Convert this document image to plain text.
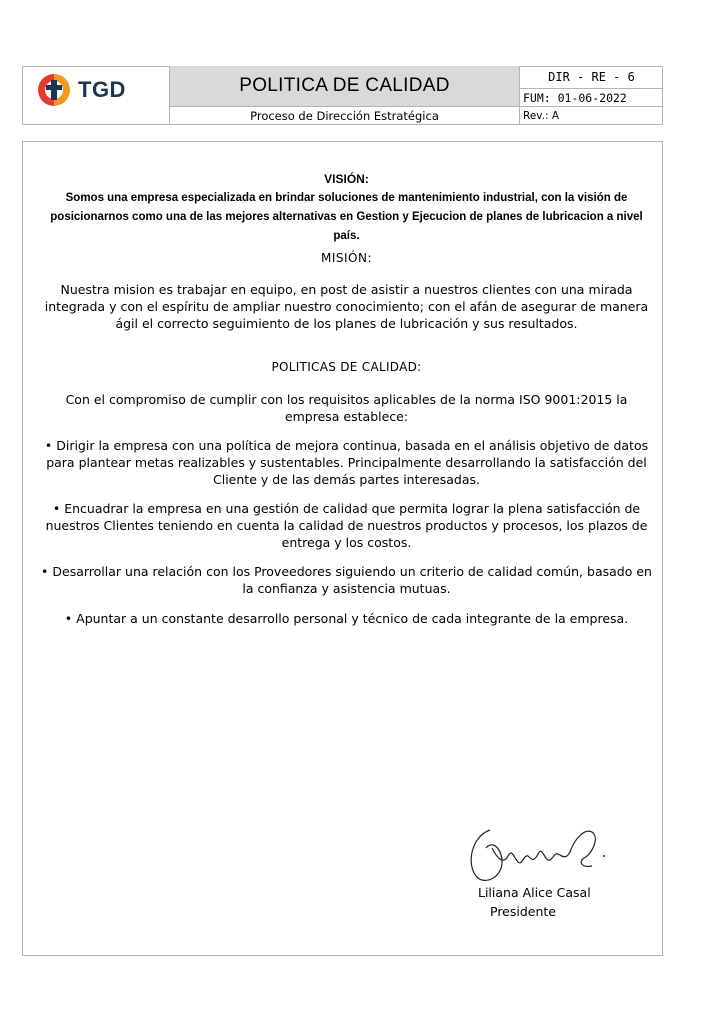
TGD	POLITICA DE CALIDAD
Proceso de Dirección Estratégica
DIR - RE - 6
FUM: 01-06-2022
Rev.: A
VISIÓN:
Somos una empresa especializada en brindar soluciones de mantenimiento industrial, con la visión de posicionarnos como una de las mejores alternativas en Gestion y Ejecucion de planes de lubricacion a nivel país.
MISIÓN:
Nuestra mision es trabajar en equipo, en post de asistir a nuestros clientes con una mirada integrada y con el espíritu de ampliar nuestro conocimiento; con el afán de asegurar de manera ágil el correcto seguimiento de los planes de lubricación y sus resultados.
POLITICAS DE CALIDAD:
Con el compromiso de cumplir con los requisitos aplicables de la norma ISO 9001:2015 la empresa establece:
• Dirigir la empresa con una política de mejora continua, basada en el análisis objetivo de datos para plantear metas realizables y sustentables. Principalmente desarrollando la satisfacción del Cliente y de las demás partes interesadas.
• Encuadrar la empresa en una gestión de calidad que permita lograr la plena satisfacción de nuestros Clientes teniendo en cuenta la calidad de nuestros productos y procesos, los plazos de entrega y los costos.
• Desarrollar una relación con los Proveedores siguiendo un criterio de calidad común, basado en la confianza y asistencia mutuas.
• Apuntar a un constante desarrollo personal y técnico de cada integrante de la empresa.
Liliana Alice Casal
Presidente
